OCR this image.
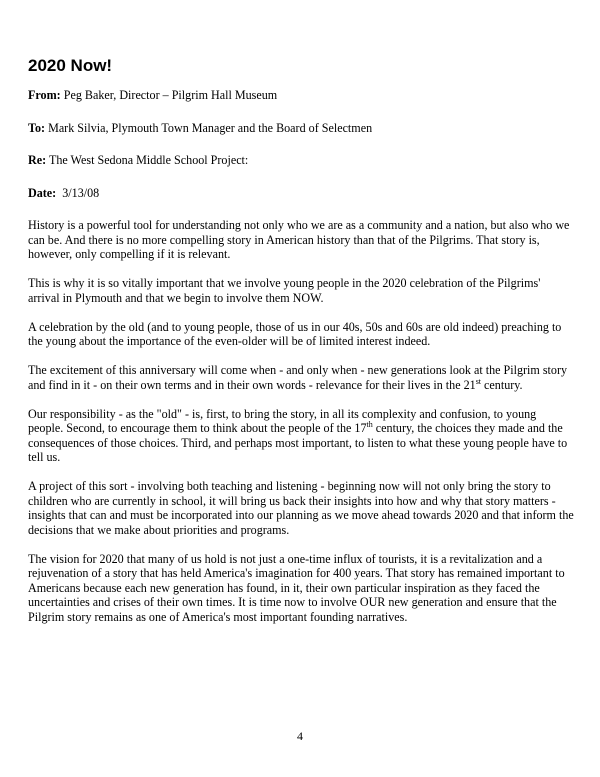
2020 Now!

From: Peg Baker, Director – Pilgrim Hall Museum

To: Mark Silvia, Plymouth Town Manager and the Board of Selectmen

Re: The West Sedona Middle School Project:

Date: 3/13/08

History is a powerful tool for understanding not only who we are as a community and a nation, but also who we can be. And there is no more compelling story in American history than that of the Pilgrims. That story is, however, only compelling if it is relevant.

This is why it is so vitally important that we involve young people in the 2020 celebration of the Pilgrims' arrival in Plymouth and that we begin to involve them NOW.

A celebration by the old (and to young people, those of us in our 40s, 50s and 60s are old indeed) preaching to the young about the importance of the even-older will be of limited interest indeed.

The excitement of this anniversary will come when - and only when - new generations look at the Pilgrim story and find in it - on their own terms and in their own words - relevance for their lives in the 21st century.

Our responsibility - as the "old" - is, first, to bring the story, in all its complexity and confusion, to young people. Second, to encourage them to think about the people of the 17th century, the choices they made and the consequences of those choices. Third, and perhaps most important, to listen to what these young people have to tell us.

A project of this sort - involving both teaching and listening - beginning now will not only bring the story to children who are currently in school, it will bring us back their insights into how and why that story matters - insights that can and must be incorporated into our planning as we move ahead towards 2020 and that inform the decisions that we make about priorities and programs.

The vision for 2020 that many of us hold is not just a one-time influx of tourists, it is a revitalization and a rejuvenation of a story that has held America's imagination for 400 years. That story has remained important to Americans because each new generation has found, in it, their own particular inspiration as they faced the uncertainties and crises of their own times. It is time now to involve OUR new generation and ensure that the Pilgrim story remains as one of America's most important founding narratives.

4
